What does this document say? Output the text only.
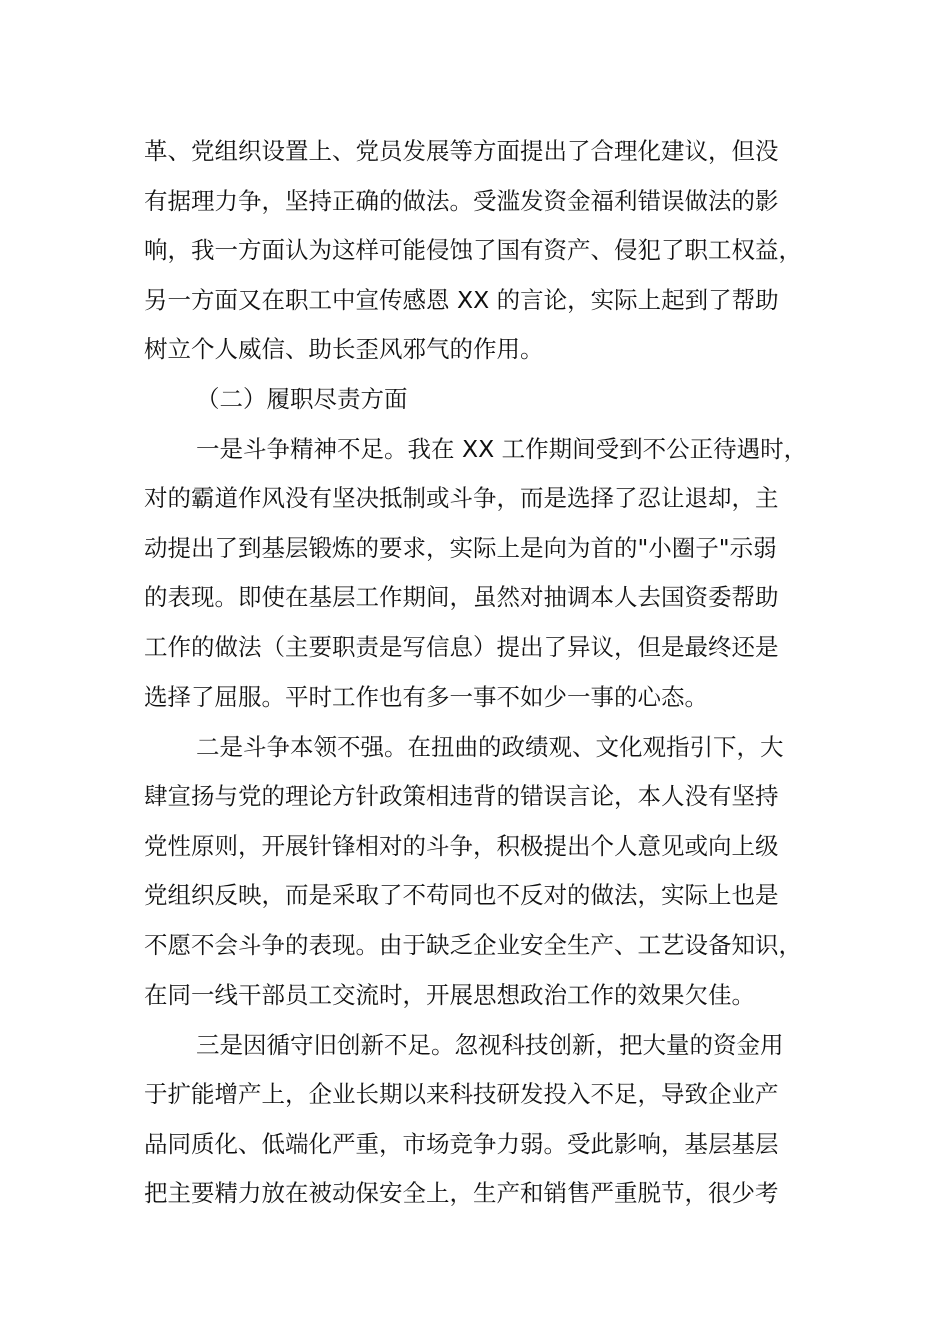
革、党组织设置上、党员发展等方面提出了合理化建议，但没
有据理力争，坚持正确的做法。受滥发资金福利错误做法的影
响，我一方面认为这样可能侵蚀了国有资产、侵犯了职工权益，
另一方面又在职工中宣传感恩 XX 的言论，实际上起到了帮助
树立个人威信、助长歪风邪气的作用。
（二）履职尽责方面
一是斗争精神不足。我在 XX 工作期间受到不公正待遇时，
对的霸道作风没有坚决抵制或斗争，而是选择了忍让退却，主
动提出了到基层锻炼的要求，实际上是向为首的"小圈子"示弱
的表现。即使在基层工作期间，虽然对抽调本人去国资委帮助
工作的做法（主要职责是写信息）提出了异议，但是最终还是
选择了屈服。平时工作也有多一事不如少一事的心态。
二是斗争本领不强。在扭曲的政绩观、文化观指引下，大
肆宣扬与党的理论方针政策相违背的错误言论，本人没有坚持
党性原则，开展针锋相对的斗争，积极提出个人意见或向上级
党组织反映，而是采取了不苟同也不反对的做法，实际上也是
不愿不会斗争的表现。由于缺乏企业安全生产、工艺设备知识，
在同一线干部员工交流时，开展思想政治工作的效果欠佳。
三是因循守旧创新不足。忽视科技创新，把大量的资金用
于扩能增产上，企业长期以来科技研发投入不足，导致企业产
品同质化、低端化严重，市场竞争力弱。受此影响，基层基层
把主要精力放在被动保安全上，生产和销售严重脱节，很少考
